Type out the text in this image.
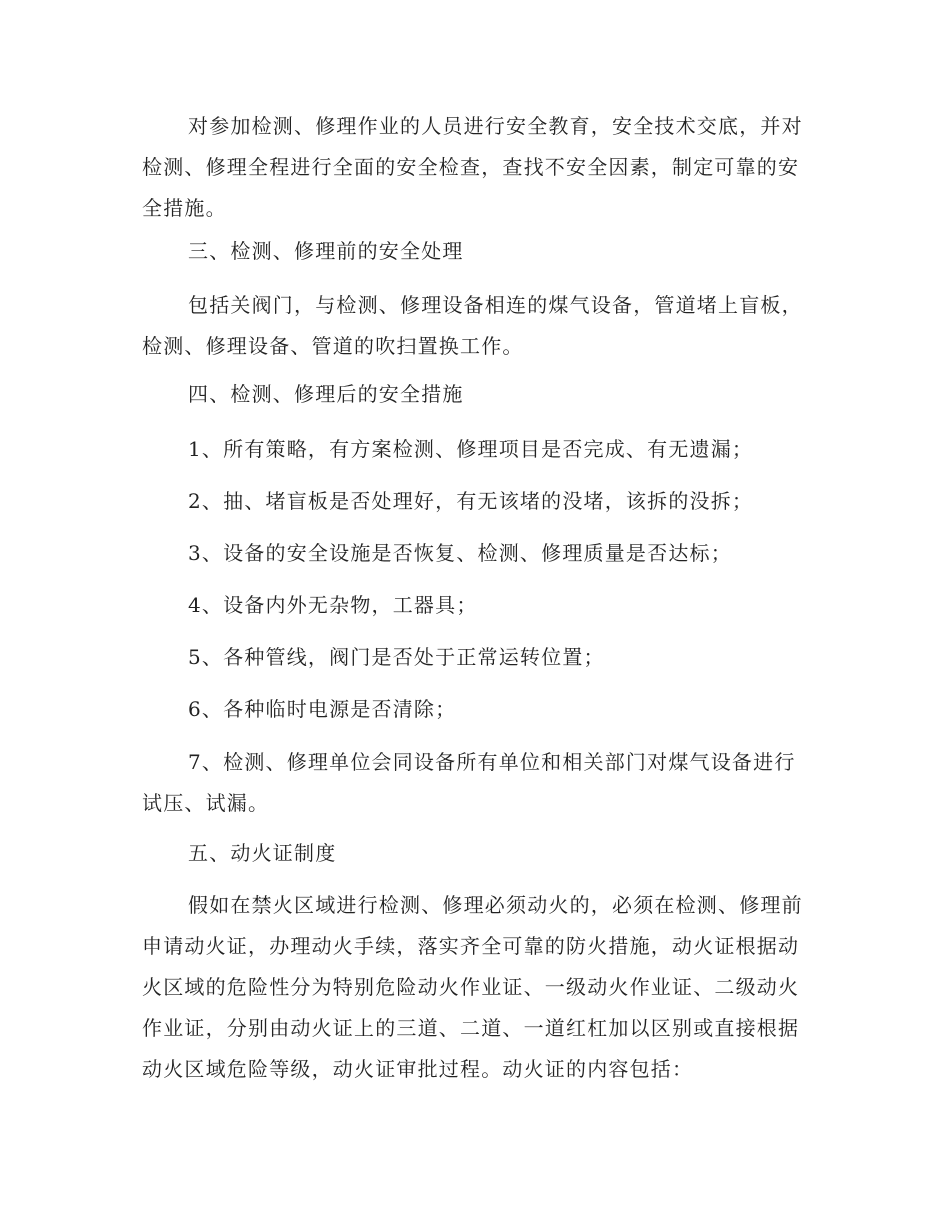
对参加检测、修理作业的人员进行安全教育，安全技术交底，并对检测、修理全程进行全面的安全检查，查找不安全因素，制定可靠的安全措施。

三、检测、修理前的安全处理

包括关阀门，与检测、修理设备相连的煤气设备，管道堵上盲板，检测、修理设备、管道的吹扫置换工作。

四、检测、修理后的安全措施

1、所有策略，有方案检测、修理项目是否完成、有无遗漏；

2、抽、堵盲板是否处理好，有无该堵的没堵，该拆的没拆；

3、设备的安全设施是否恢复、检测、修理质量是否达标；

4、设备内外无杂物，工器具；

5、各种管线，阀门是否处于正常运转位置；

6、各种临时电源是否清除；

7、检测、修理单位会同设备所有单位和相关部门对煤气设备进行试压、试漏。

五、动火证制度

假如在禁火区域进行检测、修理必须动火的，必须在检测、修理前申请动火证，办理动火手续，落实齐全可靠的防火措施，动火证根据动火区域的危险性分为特别危险动火作业证、一级动火作业证、二级动火作业证，分别由动火证上的三道、二道、一道红杠加以区别或直接根据动火区域危险等级，动火证审批过程。动火证的内容包括：
